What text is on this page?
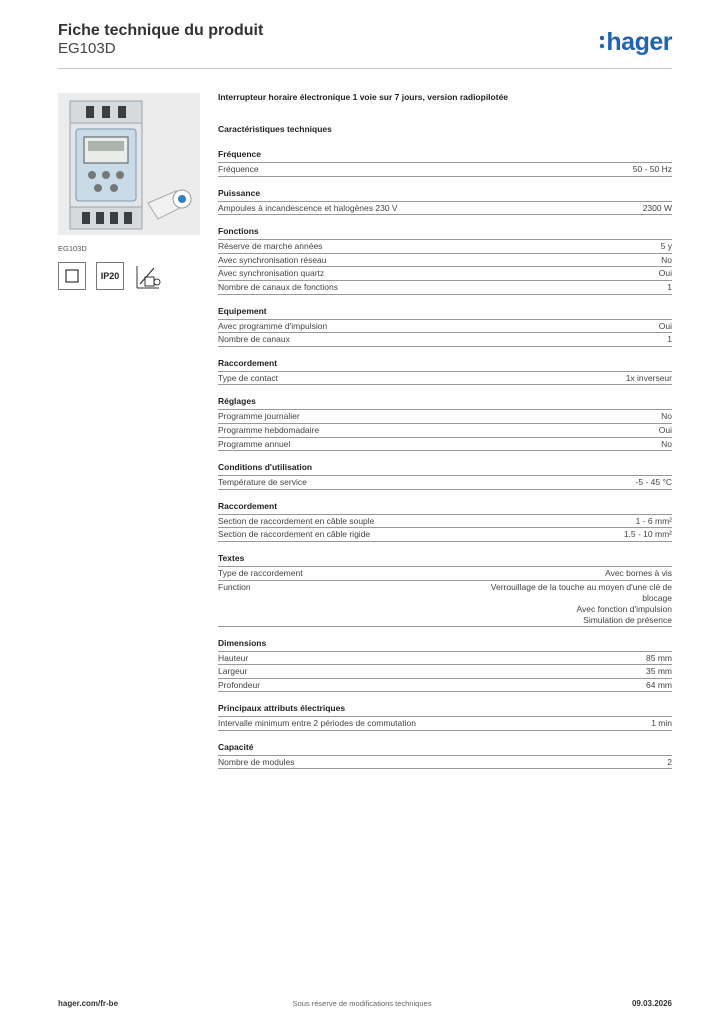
Fiche technique du produit
EG103D	hager
EG103D
IP20
Interrupteur horaire électronique 1 voie sur 7 jours, version radiopilotée
Caractéristiques techniques
Fréquence
Fréquence	50 - 50 Hz
Puissance
Ampoules à incandescence et halogènes 230 V	2300 W
Fonctions
Réserve de marche années	5 y
Avec synchronisation réseau	No
Avec synchronisation quartz	Oui
Nombre de canaux de fonctions	1
Equipement
Avec programme d'impulsion	Oui
Nombre de canaux	1
Raccordement
Type de contact	1x inverseur
Réglages
Programme journalier	No
Programme hebdomadaire	Oui
Programme annuel	No
Conditions d'utilisation
Température de service	-5 - 45 °C
Raccordement
Section de raccordement en câble souple	1 - 6 mm²
Section de raccordement en câble rigide	1.5 - 10 mm²
Textes
Type de raccordement	Avec bornes à vis
Function	Verrouillage de la touche au moyen d'une clé de
blocage
Avec fonction d'impulsion
Simulation de présence
Dimensions
Hauteur	85 mm
Largeur	35 mm
Profondeur	64 mm
Principaux attributs électriques
Intervalle minimum entre 2 périodes de commutation	1 min
Capacité
Nombre de modules	2
hager.com/fr-be	Sous réserve de modifications techniques	09.03.2026
